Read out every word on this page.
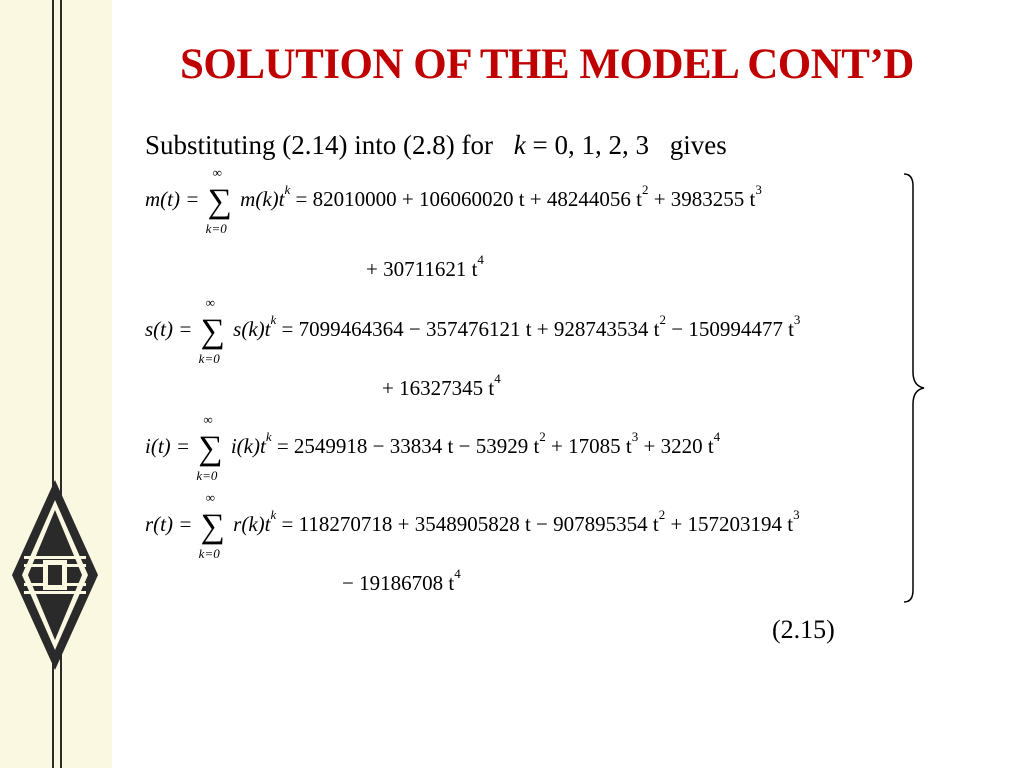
SOLUTION OF THE MODEL CONT’D
Substituting (2.14) into (2.8) for k = 0, 1, 2, 3 gives
m(t) = ∑
∞
k=0
$m(k)t^k = 82010000 + 106060020$ t + 48244056 $t^2 + 3983255$ $t^3$
+ 30711621 $t^4$
s(t) = ∑
∞
k=0
$s(k)t^k = 7099464364 - 357476121$ t + 928743534 $t^2 - 150994477$ $t^3$
+ 16327345 $t^4$
i(t) = ∑
∞
k=0
$i(k)t^k = 2549918 - 33834$ t − 53929 $t^2 + 17085$ $t^3 + 3220$ $t^4$
r(t) = ∑
∞
k=0
$r(k)t^k = 118270718 + 3548905828$ t − 907895354 $t^2 + 157203194$ $t^3$
− 19186708 $t^4$
(2.15)
